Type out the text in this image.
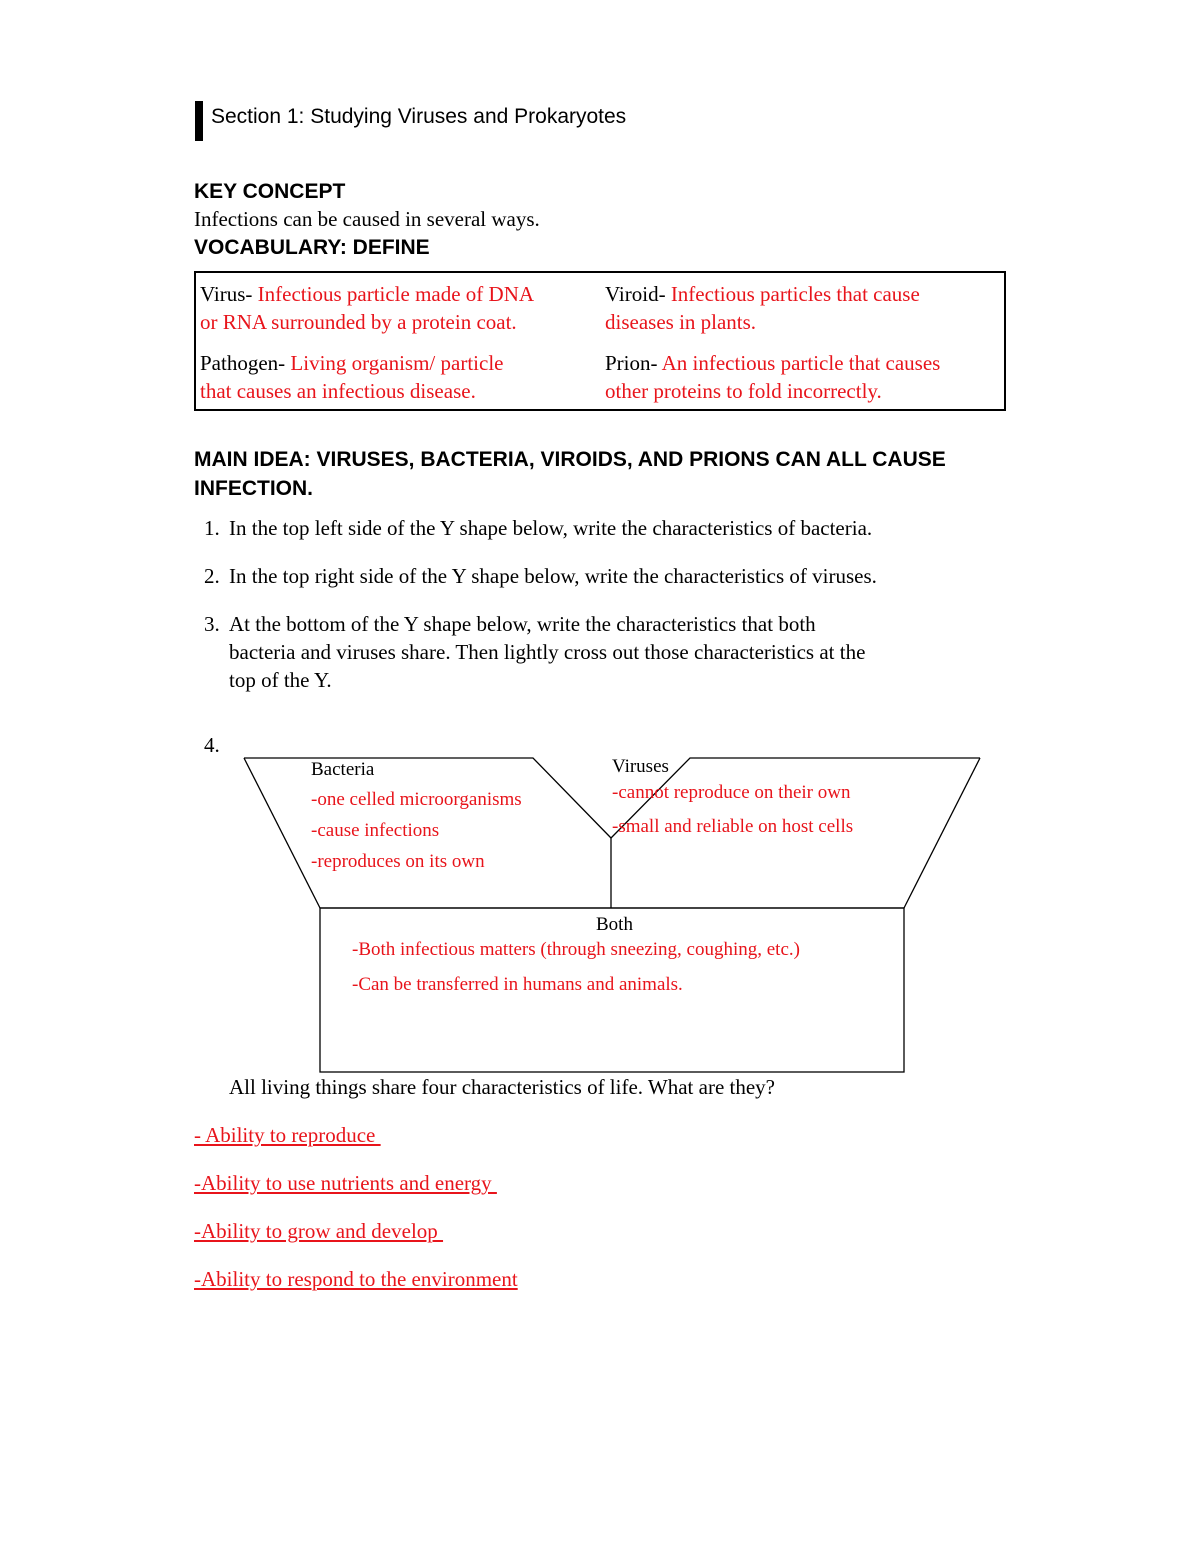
Section 1: Studying Viruses and Prokaryotes

KEY CONCEPT

Infections can be caused in several ways.

VOCABULARY: DEFINE

Virus- Infectious particle made of DNA
or RNA surrounded by a protein coat.
Viroid- Infectious particles that cause
diseases in plants.
Pathogen- Living organism/ particle
that causes an infectious disease.
Prion- An infectious particle that causes
other proteins to fold incorrectly.

MAIN IDEA: VIRUSES, BACTERIA, VIROIDS, AND PRIONS CAN ALL CAUSE

INFECTION.

1. In the top left side of the Y shape below, write the characteristics of bacteria.
2. In the top right side of the Y shape below, write the characteristics of viruses.
3. At the bottom of the Y shape below, write the characteristics that both
bacteria and viruses share. Then lightly cross out those characteristics at the
top of the Y.
4.
Bacteria
-one celled microorganisms
-cause infections
-reproduces on its own
Viruses
-cannot reproduce on their own
-small and reliable on host cells
Both
-Both infectious matters (through sneezing, coughing, etc.)
-Can be transferred in humans and animals.

All living things share four characteristics of life. What are they?

- Ability to reproduce
-Ability to use nutrients and energy
-Ability to grow and develop
-Ability to respond to the environment
